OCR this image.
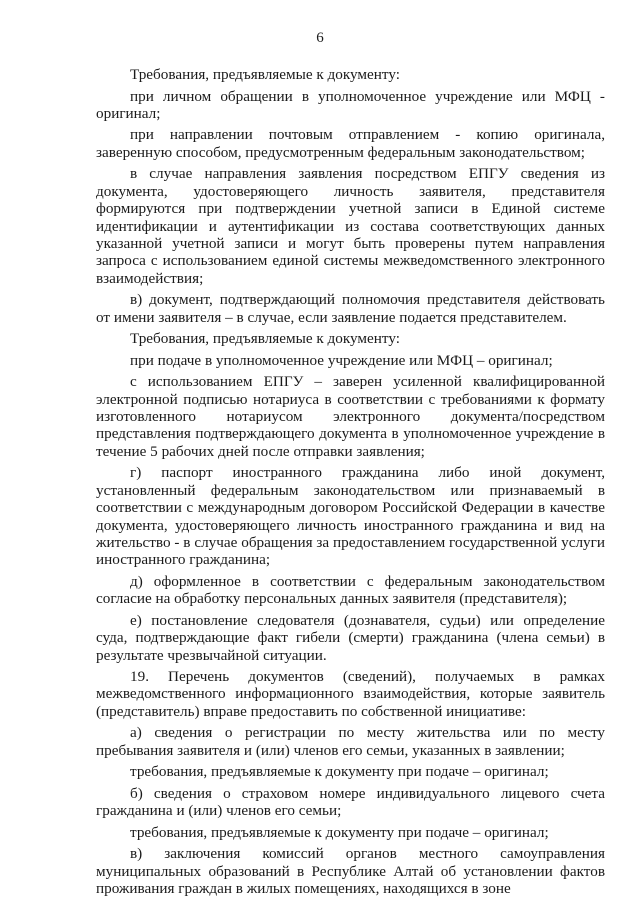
6

Требования, предъявляемые к документу:

при личном обращении в уполномоченное учреждение или МФЦ - оригинал;

при направлении почтовым отправлением - копию оригинала, заверенную способом, предусмотренным федеральным законодательством;

в случае направления заявления посредством ЕПГУ сведения из документа, удостоверяющего личность заявителя, представителя формируются при подтверждении учетной записи в Единой системе идентификации и аутентификации из состава соответствующих данных указанной учетной записи и могут быть проверены путем направления запроса с использованием единой системы межведомственного электронного взаимодействия;

в) документ, подтверждающий полномочия представителя действовать от имени заявителя – в случае, если заявление подается представителем.

Требования, предъявляемые к документу:

при подаче в уполномоченное учреждение или МФЦ – оригинал;

с использованием ЕПГУ – заверен усиленной квалифицированной электронной подписью нотариуса в соответствии с требованиями к формату изготовленного нотариусом электронного документа/посредством представления подтверждающего документа в уполномоченное учреждение в течение 5 рабочих дней после отправки заявления;

г) паспорт иностранного гражданина либо иной документ, установленный федеральным законодательством или признаваемый в соответствии с международным договором Российской Федерации в качестве документа, удостоверяющего личность иностранного гражданина и вид на жительство - в случае обращения за предоставлением государственной услуги иностранного гражданина;

д) оформленное в соответствии с федеральным законодательством согласие на обработку персональных данных заявителя (представителя);

е) постановление следователя (дознавателя, судьи) или определение суда, подтверждающие факт гибели (смерти) гражданина (члена семьи) в результате чрезвычайной ситуации.

19. Перечень документов (сведений), получаемых в рамках межведомственного информационного взаимодействия, которые заявитель (представитель) вправе предоставить по собственной инициативе:

а) сведения о регистрации по месту жительства или по месту пребывания заявителя и (или) членов его семьи, указанных в заявлении;

требования, предъявляемые к документу при подаче – оригинал;

б) сведения о страховом номере индивидуального лицевого счета гражданина и (или) членов его семьи;

требования, предъявляемые к документу при подаче – оригинал;

в) заключения комиссий органов местного самоуправления муниципальных образований в Республике Алтай об установлении фактов проживания граждан в жилых помещениях, находящихся в зоне
